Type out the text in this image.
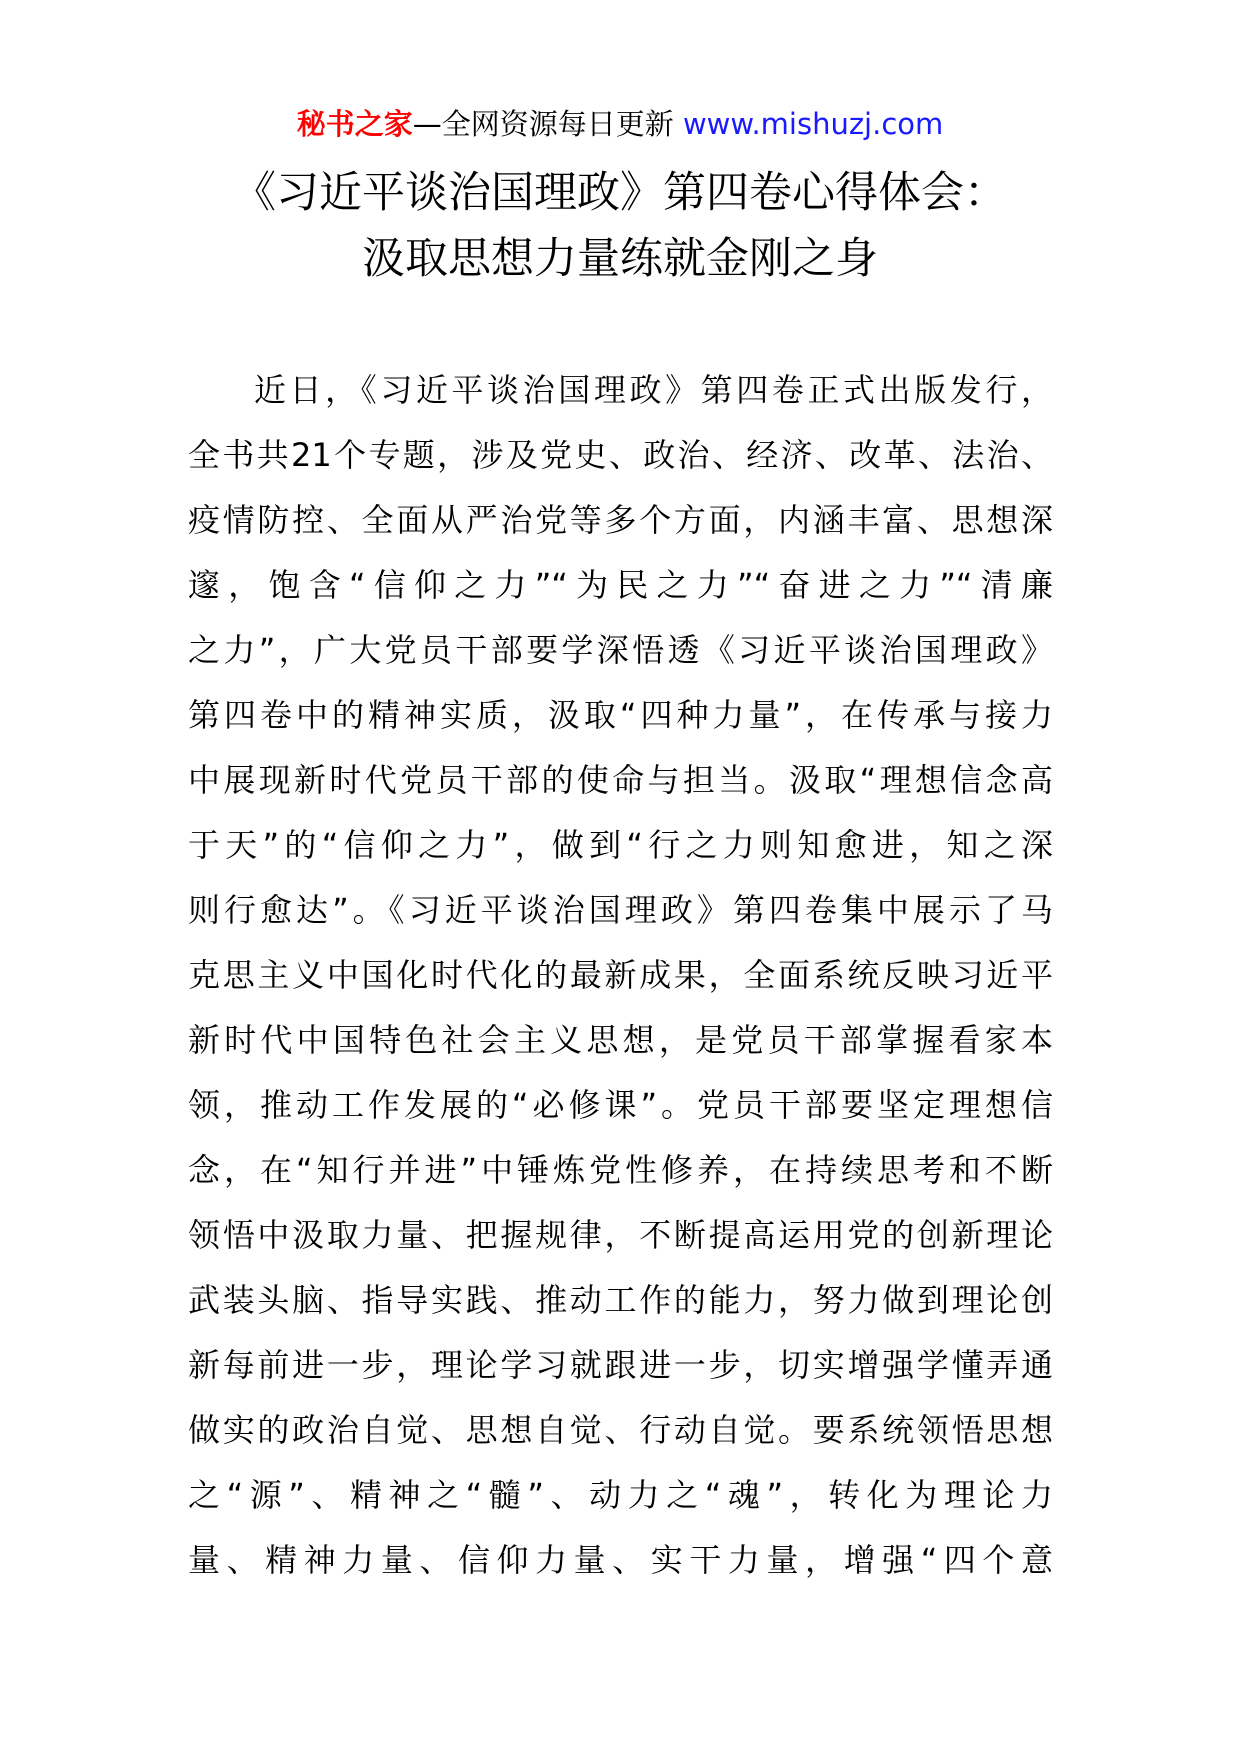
秘书之家—全网资源每日更新 www.mishuzj.com
《习近平谈治国理政》第四卷心得体会：
汲取思想力量练就金刚之身
近日，《习近平谈治国理政》第四卷正式出版发行，
全书共21个专题，涉及党史、政治、经济、改革、法治、
疫情防控、全面从严治党等多个方面，内涵丰富、思想深
邃，饱含“信仰之力”“为民之力”“奋进之力”“清廉
之力”，广大党员干部要学深悟透《习近平谈治国理政》
第四卷中的精神实质，汲取“四种力量”，在传承与接力
中展现新时代党员干部的使命与担当。汲取“理想信念高
于天”的“信仰之力”，做到“行之力则知愈进，知之深
则行愈达”。《习近平谈治国理政》第四卷集中展示了马
克思主义中国化时代化的最新成果，全面系统反映习近平
新时代中国特色社会主义思想，是党员干部掌握看家本
领，推动工作发展的“必修课”。党员干部要坚定理想信
念，在“知行并进”中锤炼党性修养，在持续思考和不断
领悟中汲取力量、把握规律，不断提高运用党的创新理论
武装头脑、指导实践、推动工作的能力，努力做到理论创
新每前进一步，理论学习就跟进一步，切实增强学懂弄通
做实的政治自觉、思想自觉、行动自觉。要系统领悟思想
之“源”、精神之“髓”、动力之“魂”，转化为理论力
量、精神力量、信仰力量、实干力量，增强“四个意
